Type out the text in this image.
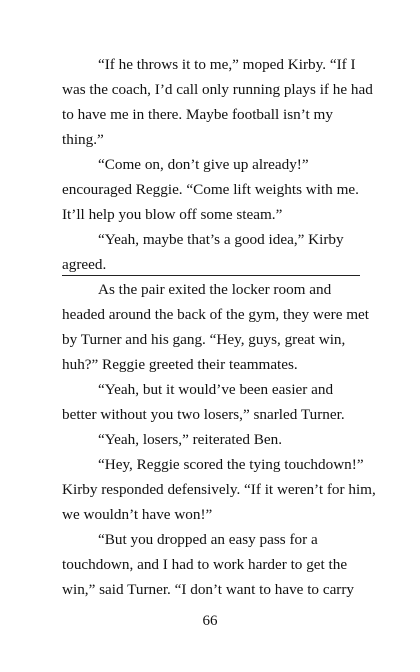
“If he throws it to me,” moped Kirby. “If I
was the coach, I’d call only running plays if he had
to have me in there. Maybe football isn’t my
thing.”
“Come on, don’t give up already!”
encouraged Reggie. “Come lift weights with me.
It’ll help you blow off some steam.”
“Yeah, maybe that’s a good idea,” Kirby
agreed.
As the pair exited the locker room and
headed around the back of the gym, they were met
by Turner and his gang. “Hey, guys, great win,
huh?” Reggie greeted their teammates.
“Yeah, but it would’ve been easier and
better without you two losers,” snarled Turner.
“Yeah, losers,” reiterated Ben.
“Hey, Reggie scored the tying touchdown!”
Kirby responded defensively. “If it weren’t for him,
we wouldn’t have won!”
“But you dropped an easy pass for a
touchdown, and I had to work harder to get the
win,” said Turner. “I don’t want to have to carry
66
